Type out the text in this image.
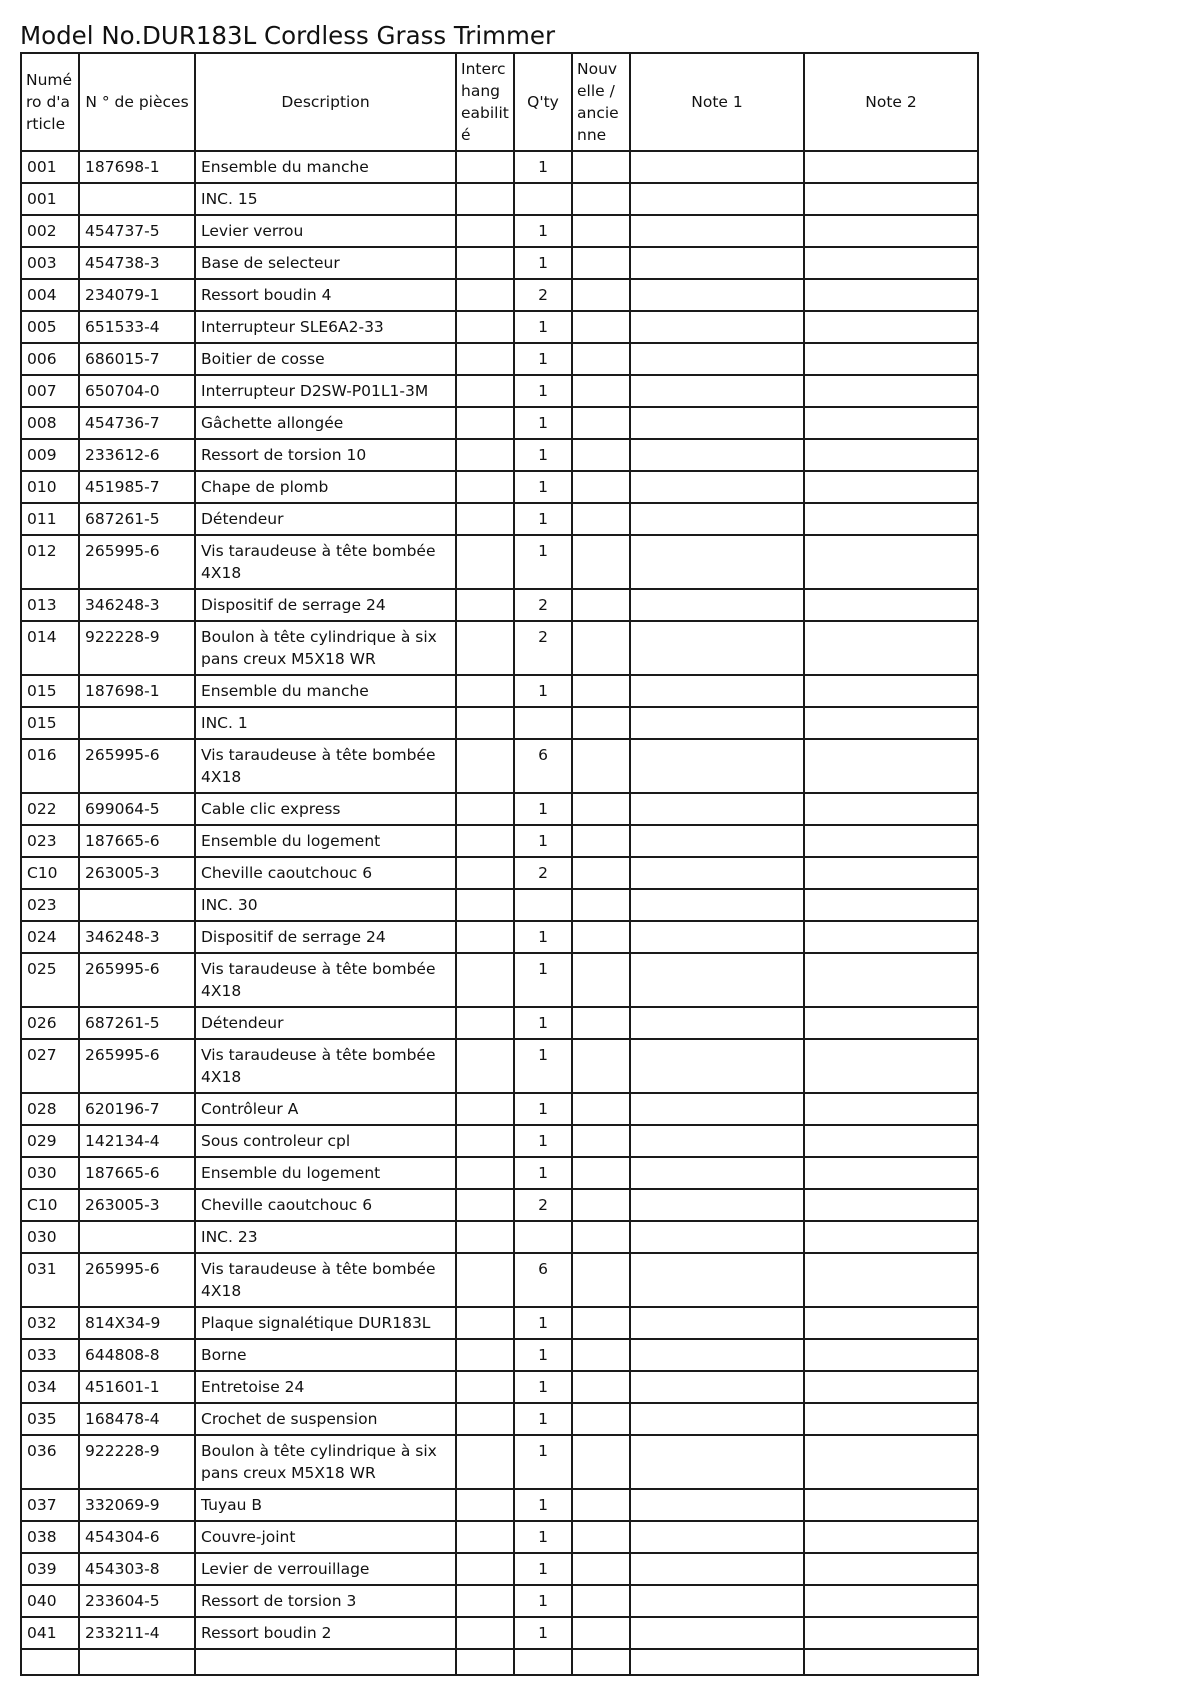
Model No.DUR183L Cordless Grass Trimmer
Numéro d'article	N ° de pièces	Description	Interchangeabilité	Q'ty	Nouvelle / ancienne	Note 1	Note 2
001	187698-1	Ensemble du manche		1			
001		INC. 15					
002	454737-5	Levier verrou		1			
003	454738-3	Base de selecteur		1			
004	234079-1	Ressort boudin 4		2			
005	651533-4	Interrupteur SLE6A2-33		1			
006	686015-7	Boitier de cosse		1			
007	650704-0	Interrupteur D2SW-P01L1-3M		1			
008	454736-7	Gâchette allongée		1			
009	233612-6	Ressort de torsion 10		1			
010	451985-7	Chape de plomb		1			
011	687261-5	Détendeur		1			
012	265995-6	Vis taraudeuse à tête bombée 4X18		1			
013	346248-3	Dispositif de serrage 24		2			
014	922228-9	Boulon à tête cylindrique à six pans creux M5X18 WR		2			
015	187698-1	Ensemble du manche		1			
015		INC. 1					
016	265995-6	Vis taraudeuse à tête bombée 4X18		6			
022	699064-5	Cable clic express		1			
023	187665-6	Ensemble du logement		1			
C10	263005-3	Cheville caoutchouc 6		2			
023		INC. 30					
024	346248-3	Dispositif de serrage 24		1			
025	265995-6	Vis taraudeuse à tête bombée 4X18		1			
026	687261-5	Détendeur		1			
027	265995-6	Vis taraudeuse à tête bombée 4X18		1			
028	620196-7	Contrôleur A		1			
029	142134-4	Sous controleur cpl		1			
030	187665-6	Ensemble du logement		1			
C10	263005-3	Cheville caoutchouc 6		2			
030		INC. 23					
031	265995-6	Vis taraudeuse à tête bombée 4X18		6			
032	814X34-9	Plaque signalétique DUR183L		1			
033	644808-8	Borne		1			
034	451601-1	Entretoise 24		1			
035	168478-4	Crochet de suspension		1			
036	922228-9	Boulon à tête cylindrique à six pans creux M5X18 WR		1			
037	332069-9	Tuyau B		1			
038	454304-6	Couvre-joint		1			
039	454303-8	Levier de verrouillage		1			
040	233604-5	Ressort de torsion 3		1			
041	233211-4	Ressort boudin 2		1			
